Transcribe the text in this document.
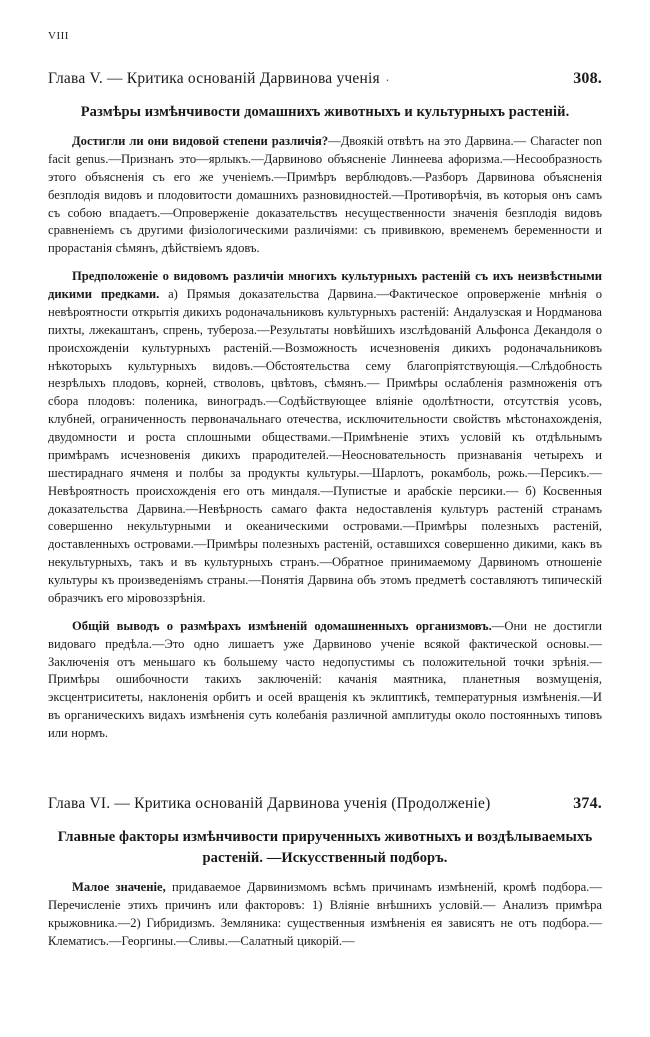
VIII
Глава V. — Критика основанiй Дарвинова ученiя .	308.
Размѣры измѣнчивости домашнихъ животныхъ и культурныхъ растенiй.

Достигли ли они видовой степени различiя?—Двоякiй отвѣтъ на это Дарвина.— Character non facit genus.—Признанъ это—ярлыкъ.—Дарвиново объясненiе Линнеева афоризма.—Несообразность этого объясненiя съ его же ученiемъ.—Примѣръ верблюдовъ.—Разборъ Дарвинова объясненiя безплодiя видовъ и плодовитости домашнихъ разновидностей.—Противорѣчiя, въ которыя онъ самъ съ собою впадаетъ.—Опроверженiе доказательствъ несущественности значенiя безплодiя видовъ сравненiемъ съ другими физiологическими различiями: съ прививкою, временемъ беременности и прорастанiя сѣмянъ, дѣйствiемъ ядовъ.

Предположенiе о видовомъ различiи многихъ культурныхъ растенiй съ ихъ неизвѣстными дикими предками. a) Прямыя доказательства Дарвина.—Фактическое опроверженiе мнѣнiя о невѣроятности открытiя дикихъ родоначальниковъ культурныхъ растенiй: Андалузская и Нордманова пихты, лжекаштанъ, спрень, туберозa.—Результаты новѣйшихъ изслѣдованiй Альфонса Декандоля о происхожденiи культурныхъ растенiй.—Возможность исчезновенiя дикихъ родоначальниковъ нѣкоторыхъ культурныхъ видовъ.—Обстоятельства сему благопрiятствующiя.—Слѣдобность незрѣлыхъ плодовъ, корней, стволовъ, цвѣтовъ, сѣмянъ.— Примѣры ослабленiя размноженiя отъ сбора плодовъ: поленика, виноградъ.—Содѣйствующее влiянiе одолѣтности, отсутствiя усовъ, клубней, ограниченность первоначальнаго отечества, исключительности свойствъ мѣстонахожденiя, двудомности и роста сплошными обществами.—Примѣненiе этихъ условiй къ отдѣльнымъ примѣрамъ исчезновенiя дикихъ прародителей.—Неосновательность признаванiя четырехъ и шестираднаго ячменя и полбы за продукты культуры.—Шарлотъ, рокамболь, рожь.—Персикъ.—Невѣроятность происхожденiя его отъ миндаля.—Пупистые и арабскiе персики.— б) Косвенныя доказательства Дарвина.—Невѣрность самаго факта недоставленiя культуръ растенiй странамъ совершенно некультурными и океаническими островами.—Примѣры полезныхъ растенiй, доставленныхъ островами.—Примѣры полезныхъ растенiй, оставшихся совершенно дикими, какъ въ некультурныхъ, такъ и въ культурныхъ странъ.—Обратное принимаемому Дарвиномъ отношенiе культуры къ произведенiямъ страны.—Понятiя Дарвина объ этомъ предметѣ составляютъ типическiй образчикъ его мiровоззрѣнiя.

Общiй выводъ о размѣрахъ измѣненiй одомашненныхъ организмовъ.—Они не достигли видоваго предѣла.—Это одно лишаетъ уже Дарвиново ученiе всякой фактической основы.—Заключенiя отъ меньшаго къ большему часто недопустимы съ положительной точки зрѣнiя.—Примѣры ошибочности такихъ заключенiй: качанiя маятника, планетныя возмущенiя, эксцентриситеты, наклоненiя орбитъ и осей вращенiя къ эклиптикѣ, температурныя измѣненiя.—И въ органическихъ видахъ измѣненiя суть колебанiя различной амплитуды около постоянныхъ типовъ или нормъ.

Глава VI. — Критика основанiй Дарвинова ученiя (Продолженiе)	374.
Главные факторы измѣнчивости прирученныхъ животныхъ и воздѣлываемыхъ растенiй. —Искусственный подборъ.

Малое значенiе, придаваемое Дарвинизмомъ всѣмъ причинамъ измѣненiй, кромѣ подбора.—Перечисленiе этихъ причинъ или факторовъ: 1) Влiянiе внѣшнихъ условiй.— Анализъ примѣра крыжовника.—2) Гибридизмъ. Земляника: существенныя измѣненiя ея зависятъ не отъ подбора.—Клематисъ.—Георгины.—Сливы.—Салатный цикорiй.—
